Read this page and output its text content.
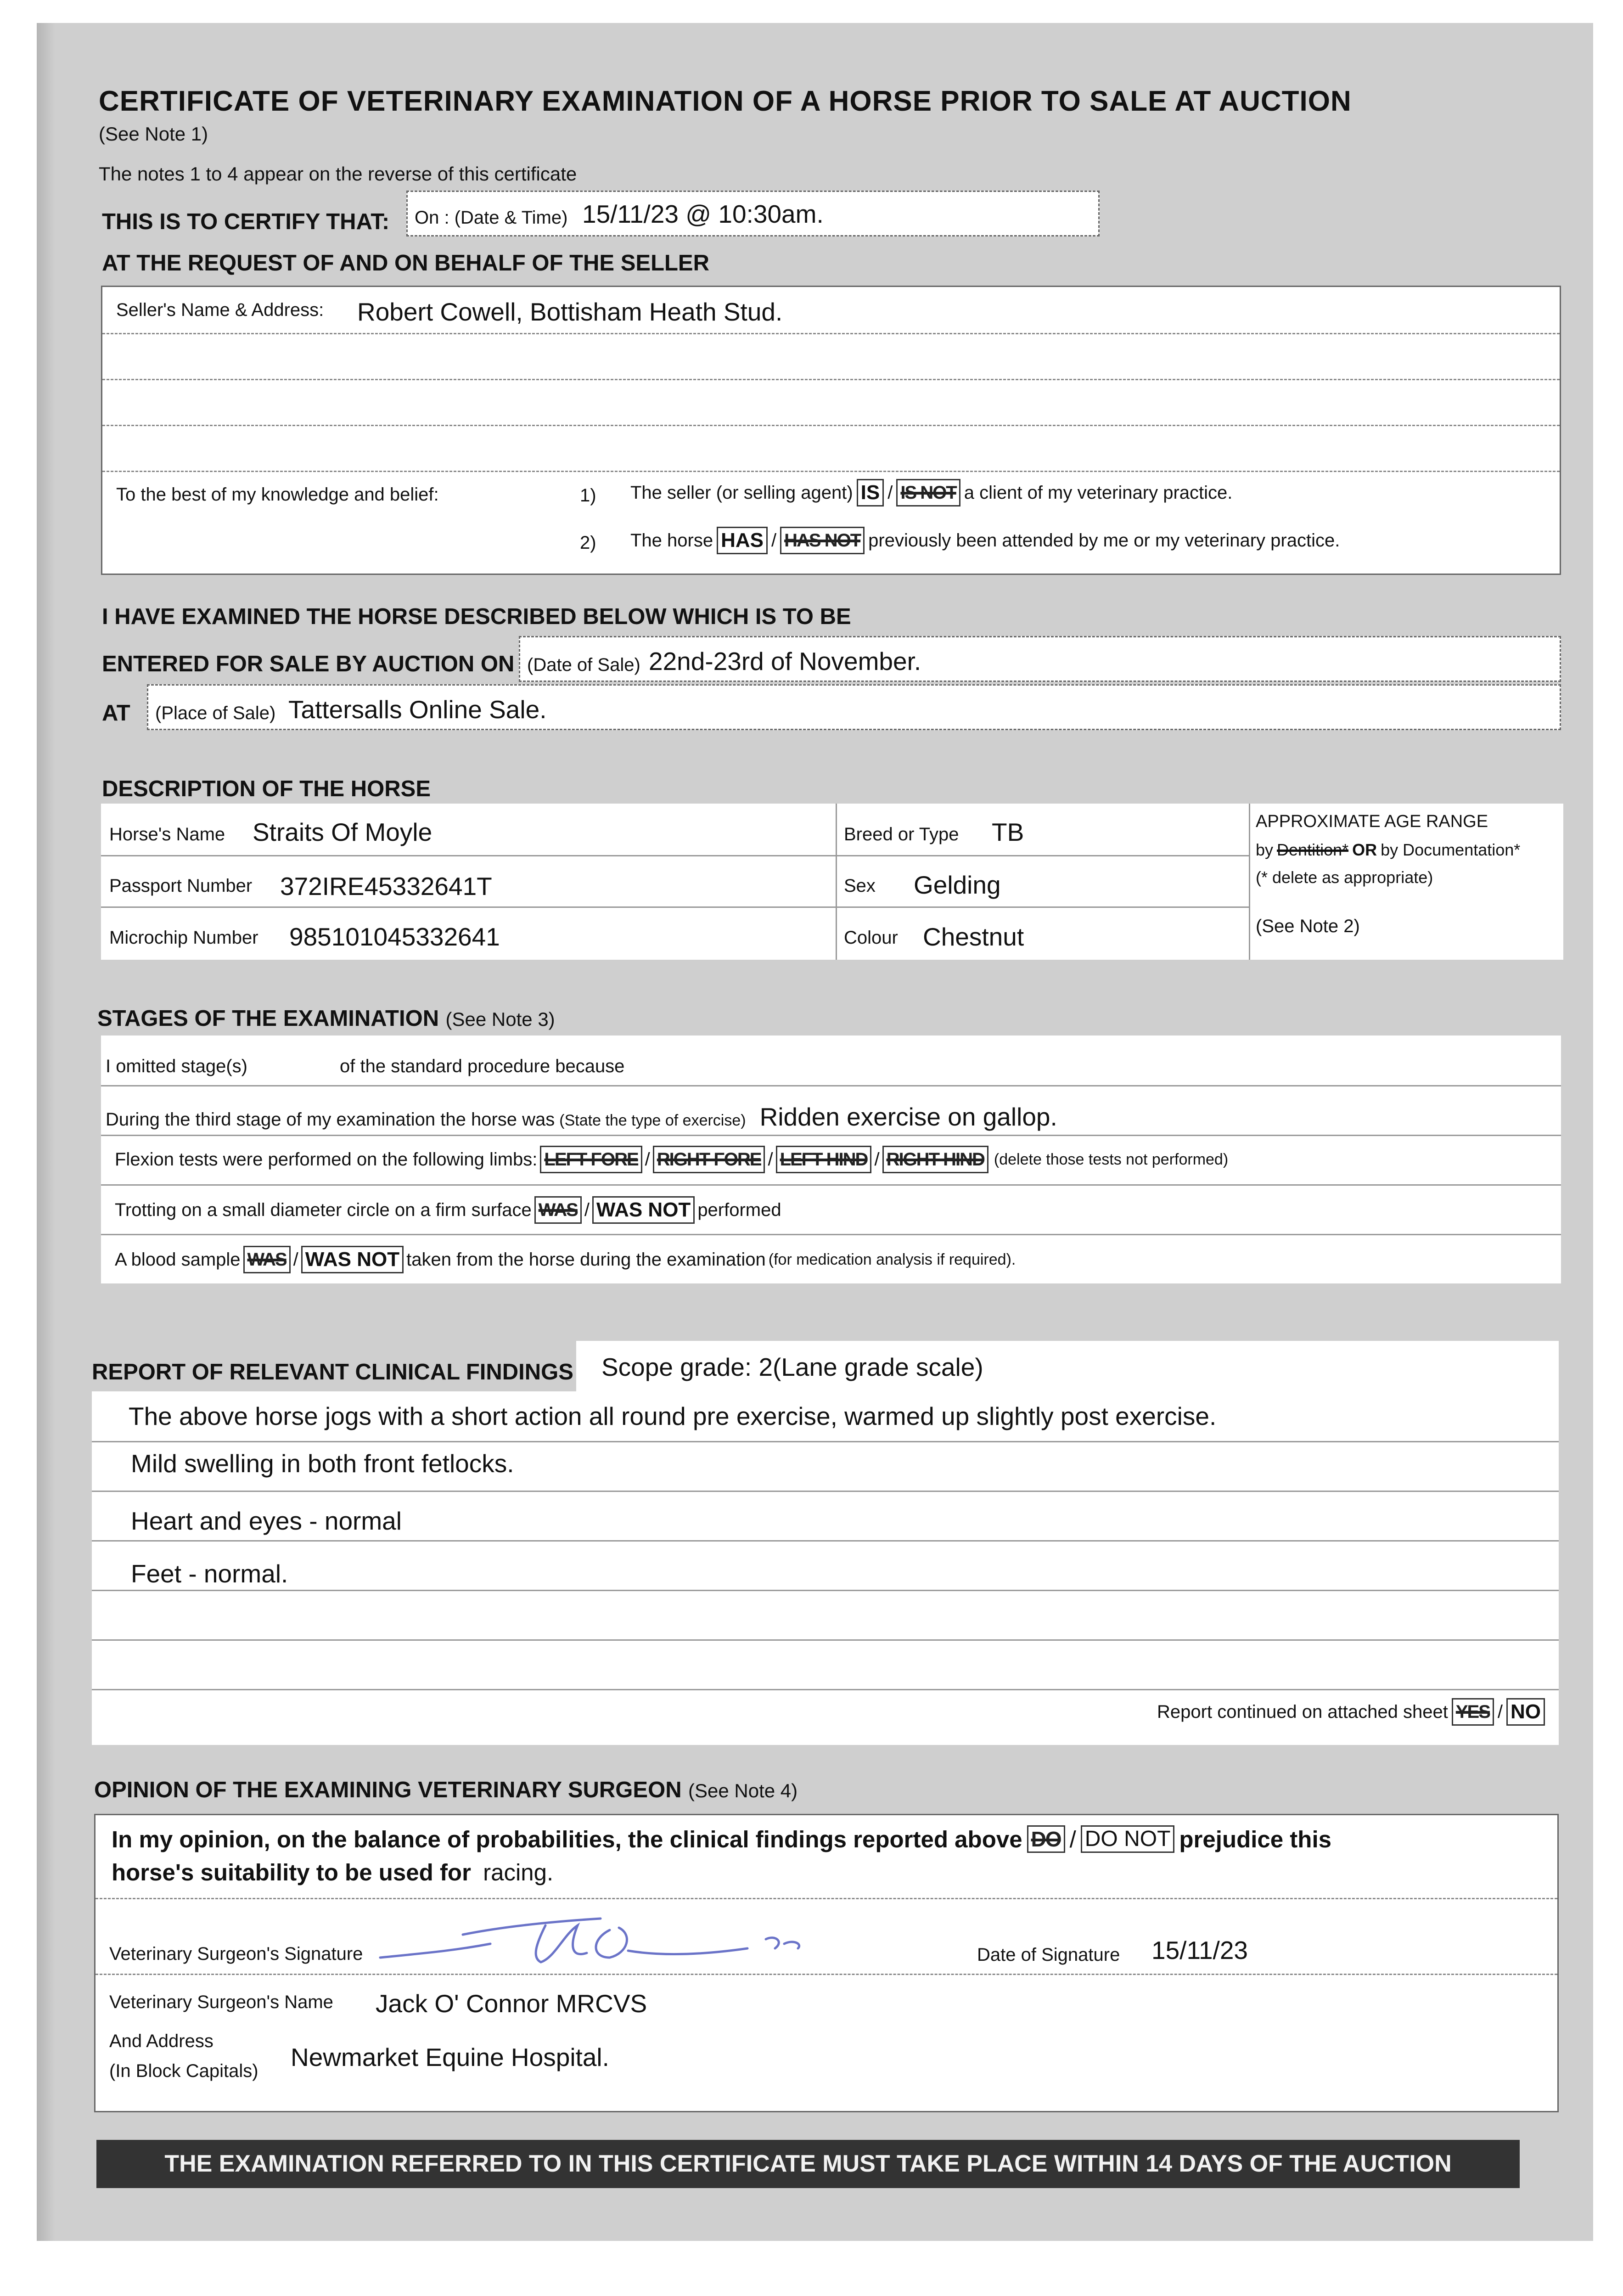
CERTIFICATE OF VETERINARY EXAMINATION OF A HORSE PRIOR TO SALE AT AUCTION
(See Note 1)
The notes 1 to 4 appear on the reverse of this certificate
THIS IS TO CERTIFY THAT: On : (Date & Time) 15/11/23 @ 10:30am.
AT THE REQUEST OF AND ON BEHALF OF THE SELLER
Seller's Name & Address: Robert Cowell, Bottisham Heath Stud.
To the best of my knowledge and belief:	1) The seller (or selling agent) IS / IS NOT a client of my veterinary practice.
2) The horse HAS / HAS NOT previously been attended by me or my veterinary practice.
I HAVE EXAMINED THE HORSE DESCRIBED BELOW WHICH IS TO BE
ENTERED FOR SALE BY AUCTION ON (Date of Sale) 22nd-23rd of November.
AT (Place of Sale) Tattersalls Online Sale.
DESCRIPTION OF THE HORSE
Horse's Name Straits Of Moyle
Passport Number 372IRE45332641T
Microchip Number 985101045332641
Breed or Type TB
Sex Gelding
Colour Chestnut
APPROXIMATE AGE RANGE
by Dentition* OR by Documentation*
(* delete as appropriate)
(See Note 2)
STAGES OF THE EXAMINATION (See Note 3)
I omitted stage(s)	of the standard procedure because
During the third stage of my examination the horse was (State the type of exercise) Ridden exercise on gallop.
Flexion tests were performed on the following limbs: LEFT FORE / RIGHT FORE / LEFT HIND / RIGHT HIND (delete those tests not performed)
Trotting on a small diameter circle on a firm surface WAS / WAS NOT performed
A blood sample WAS / WAS NOT taken from the horse during the examination (for medication analysis if required).
REPORT OF RELEVANT CLINICAL FINDINGS Scope grade: 2(Lane grade scale)
The above horse jogs with a short action all round pre exercise, warmed up slightly post exercise.
Mild swelling in both front fetlocks.
Heart and eyes - normal
Feet - normal.
Report continued on attached sheet YES / NO
OPINION OF THE EXAMINING VETERINARY SURGEON (See Note 4)
In my opinion, on the balance of probabilities, the clinical findings reported above DO / DO NOT prejudice this
horse's suitability to be used for racing.
Veterinary Surgeon's Signature	Date of Signature 15/11/23
Veterinary Surgeon's Name Jack O' Connor MRCVS
And Address
(In Block Capitals) Newmarket Equine Hospital.
THE EXAMINATION REFERRED TO IN THIS CERTIFICATE MUST TAKE PLACE WITHIN 14 DAYS OF THE AUCTION
